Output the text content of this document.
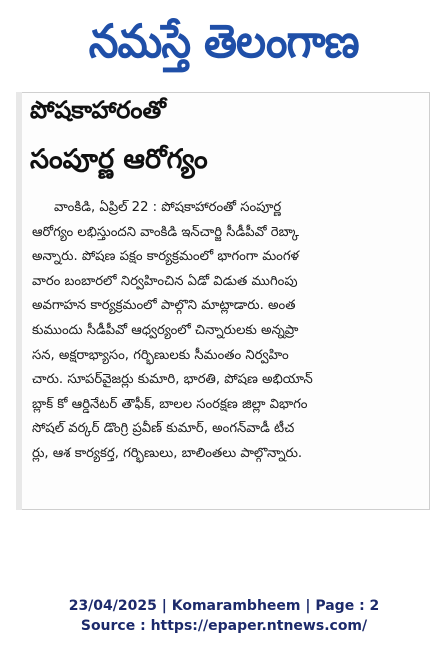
నమస్తే తెలంగాణ
పోషకాహారంతో
సంపూర్ణ ఆరోగ్యం
వాంకిడి, ఏప్రిల్ 22 : పోషకాహారంతో సంపూర్ణ
ఆరోగ్యం లభిస్తుందని వాంకిడి ఇన్‌చార్జి సీడీపీవో రెబ్కా
అన్నారు. పోషణ పక్షం కార్యక్రమంలో భాగంగా మంగళ
వారం బంబారలో నిర్వహించిన ఏడో విడుత ముగింపు
అవగాహన కార్యక్రమంలో పాల్గొని మాట్లాడారు. అంత
కుముందు సీడీపీవో ఆధ్వర్యంలో చిన్నారులకు అన్నప్రా
సన, అక్షరాభ్యాసం, గర్భిణులకు సీమంతం నిర్వహిం
చారు. సూపర్‌వైజర్లు కుమారి, భారతి, పోషణ అభియాన్
బ్లాక్ కో ఆర్డినేటర్ తౌఫీక్, బాలల సంరక్షణ జిల్లా విభాగం
సోషల్ వర్కర్ డొంగ్రి ప్రవీణ్ కుమార్, అంగన్‌వాడీ టీచ
ర్లు, ఆశ కార్యకర్త, గర్భిణులు, బాలింతలు పాల్గొన్నారు.
23/04/2025 | Komarambheem | Page : 2
Source : https://epaper.ntnews.com/
